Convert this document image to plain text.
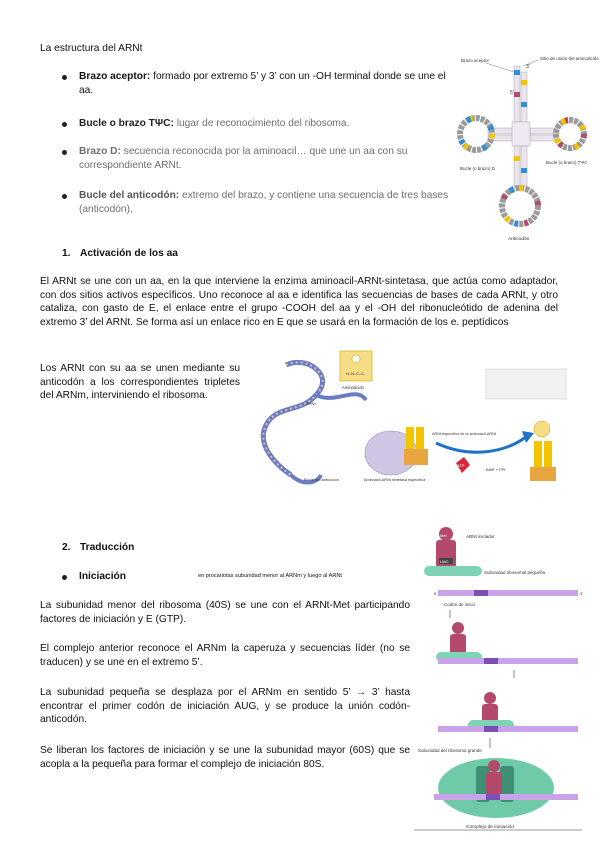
La estructura del ARNt
Brazo aceptor: formado por extremo 5’ y 3’ con un -OH terminal donde se une el aa.
Bucle o brazo TΨC: lugar de reconocimiento del ribosoma.
Brazo D: secuencia reconocida por la aminoacil… que une un aa con su correspondiente ARNt.
Bucle del anticodón: extremo del brazo, y contiene una secuencia de tres bases (anticodón).
Brazo aceptor	Sitio de unión del aminoácido
5'
3'
Bucle (o brazo) D
Bucle (o brazo) TΨC
Anticodón
1. Activación de los aa
El ARNt se une con un aa, en la que interviene la enzima aminoacil-ARNt-sintetasa, que actúa como adaptador, con dos sitios activos específicos. Uno reconoce al aa e identifica las secuencias de bases de cada ARNt, y otro cataliza, con gasto de E, el enlace entre el grupo -COOH del aa y el -OH del ribonucleótido de adenina del extremo 3’ del ARNt. Se forma así un enlace rico en E que se usará en la formación de los e. peptídicos
Los ARNt con su aa se unen mediante su anticodón a los correspondientes tripletes del ARNm, interviniendo el ribosoma.
H–N–C–C
Aminoácido
ARNt
Bucle del anticodón
ARNt específico de la aminoacil-ARNt
Aminoacil-ARNt sintetasa específica
ATP
AMP + PPi
2. Traducción
Iniciación	en procariotas subunidad menor al ARNm y luego al ARNt
La subunidad menor del ribosoma (40S) se une con el ARNt-Met participando factores de iniciación y E (GTP).
El complejo anterior reconoce el ARNm la caperuza y secuencias líder (no se traducen) y se une en el extremo 5’.
La subunidad pequeña se desplaza por el ARNm en sentido 5’ → 3’ hasta encontrar el primer codón de iniciación AUG, y se produce la unión codón-anticodón.
Se liberan los factores de iniciación y se une la subunidad mayor (60S) que se acopla a la pequeña para formar el complejo de iniciación 80S.
Met
UAC
ARNt iniciador
Subunidad ribosomal pequeña
5'	3'
Codón de inicio
Subunidad del ribosoma grande
Complejo de iniciación
